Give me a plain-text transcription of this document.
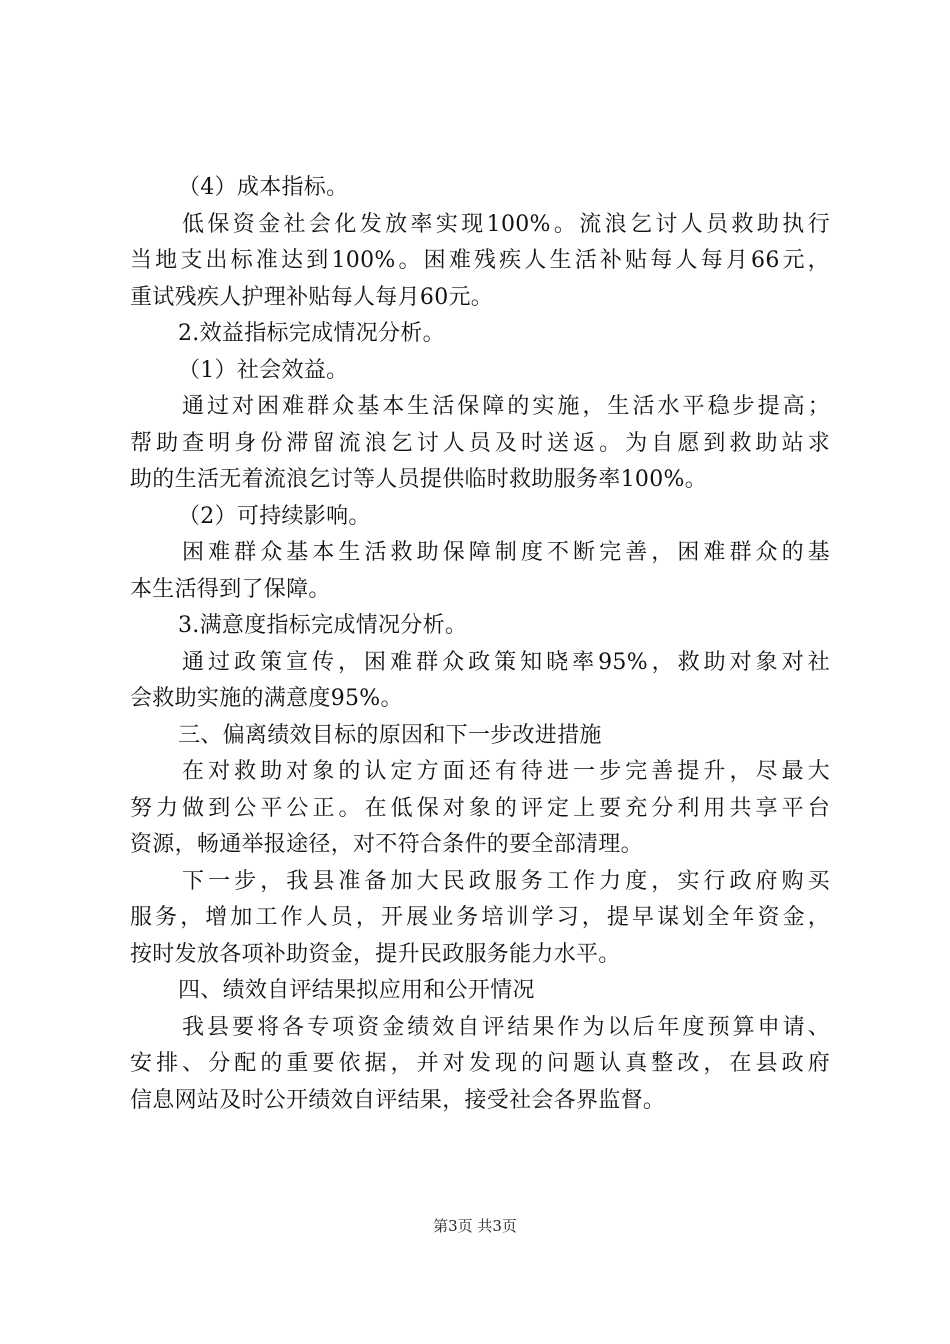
（4）成本指标。
低保资金社会化发放率实现100%。流浪乞讨人员救助执行
当地支出标准达到100%。困难残疾人生活补贴每人每月66元，
重试残疾人护理补贴每人每月60元。
2.效益指标完成情况分析。
（1）社会效益。
通过对困难群众基本生活保障的实施，生活水平稳步提高；
帮助查明身份滞留流浪乞讨人员及时送返。为自愿到救助站求
助的生活无着流浪乞讨等人员提供临时救助服务率100%。
（2）可持续影响。
困难群众基本生活救助保障制度不断完善，困难群众的基
本生活得到了保障。
3.满意度指标完成情况分析。
通过政策宣传，困难群众政策知晓率95%，救助对象对社
会救助实施的满意度95%。
三、偏离绩效目标的原因和下一步改进措施
在对救助对象的认定方面还有待进一步完善提升，尽最大
努力做到公平公正。在低保对象的评定上要充分利用共享平台
资源，畅通举报途径，对不符合条件的要全部清理。
下一步，我县准备加大民政服务工作力度，实行政府购买
服务，增加工作人员，开展业务培训学习，提早谋划全年资金，
按时发放各项补助资金，提升民政服务能力水平。
四、绩效自评结果拟应用和公开情况
我县要将各专项资金绩效自评结果作为以后年度预算申请、
安排、分配的重要依据，并对发现的问题认真整改，在县政府
信息网站及时公开绩效自评结果，接受社会各界监督。
第3页 共3页
